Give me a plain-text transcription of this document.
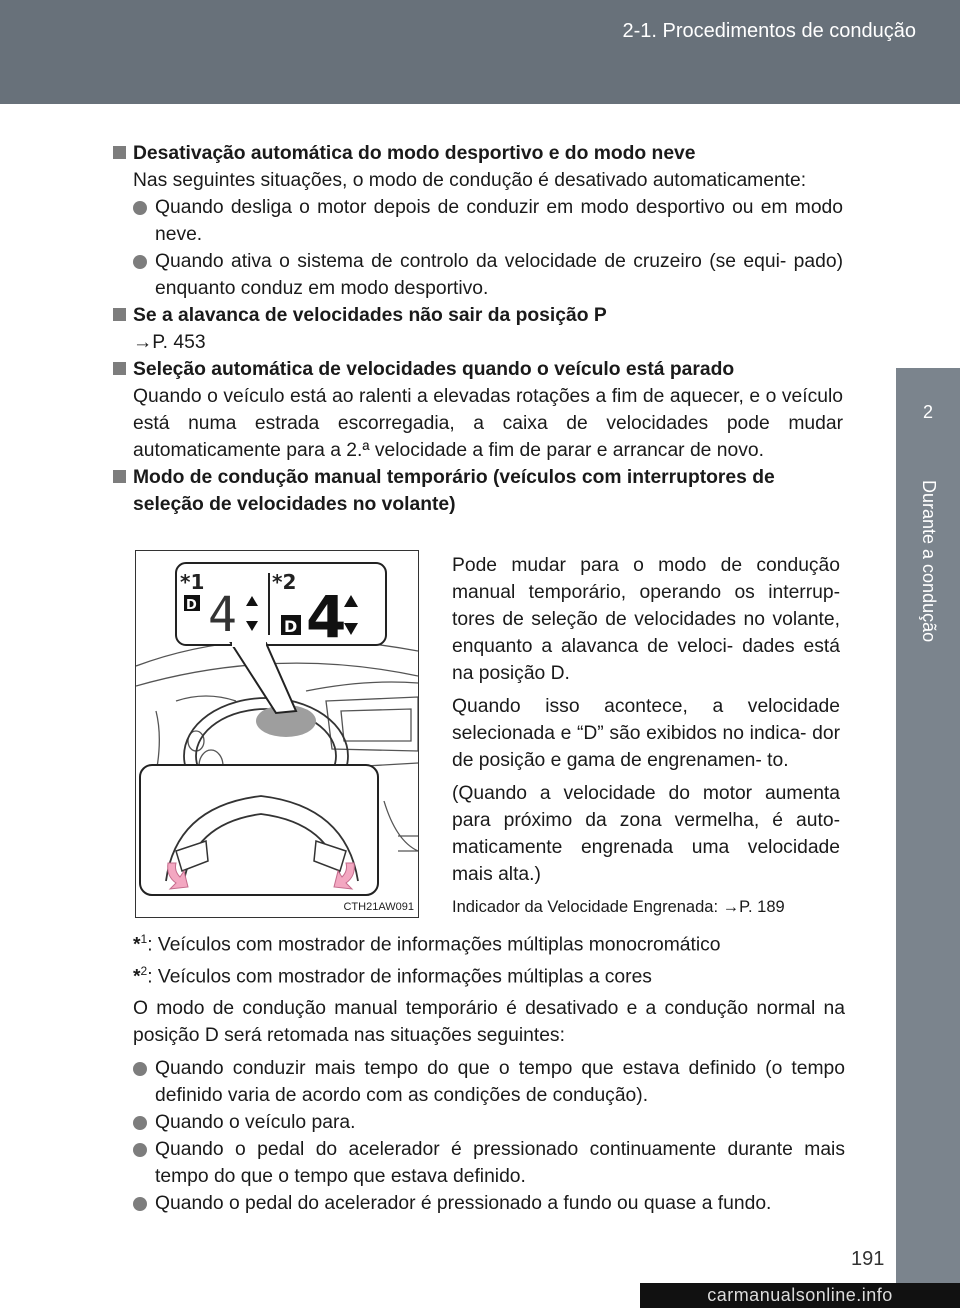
2-1. Procedimentos de condução
2
Durante a condução

Desativação automática do modo desportivo e do modo neve

Nas seguintes situações, o modo de condução é desativado automaticamente:

Quando desliga o motor depois de conduzir em modo desportivo ou em modo neve.

Quando ativa o sistema de controlo da velocidade de cruzeiro (se equi- pado) enquanto conduz em modo desportivo.

Se a alavanca de velocidades não sair da posição P

→P. 453

Seleção automática de velocidades quando o veículo está parado

Quando o veículo está ao ralenti a elevadas rotações a fim de aquecer, e o veículo está numa estrada escorregadia, a caixa de velocidades pode mudar automaticamente para a 2.ª velocidade a fim de parar e arrancar de novo.

Modo de condução manual temporário (veículos com interruptores de seleção de velocidades no volante)

*1	*2
D 4	D 4
CTH21AW091

Pode mudar para o modo de condução manual temporário, operando os interrup- tores de seleção de velocidades no volante, enquanto a alavanca de veloci- dades está na posição D.

Quando isso acontece, a velocidade selecionada e “D” são exibidos no indica- dor de posição e gama de engrenamen- to.

(Quando a velocidade do motor aumenta para próximo da zona vermelha, é auto- maticamente engrenada uma velocidade mais alta.)

Indicador da Velocidade Engrenada: →P. 189

*$^1$: Veículos com mostrador de informações múltiplas monocromático

*$^2$: Veículos com mostrador de informações múltiplas a cores

O modo de condução manual temporário é desativado e a condução normal na posição D será retomada nas situações seguintes:

Quando conduzir mais tempo do que o tempo que estava definido (o tempo definido varia de acordo com as condições de condução).

Quando o veículo para.

Quando o pedal do acelerador é pressionado continuamente durante mais tempo do que o tempo que estava definido.

Quando o pedal do acelerador é pressionado a fundo ou quase a fundo.

191
carmanualsonline.info
